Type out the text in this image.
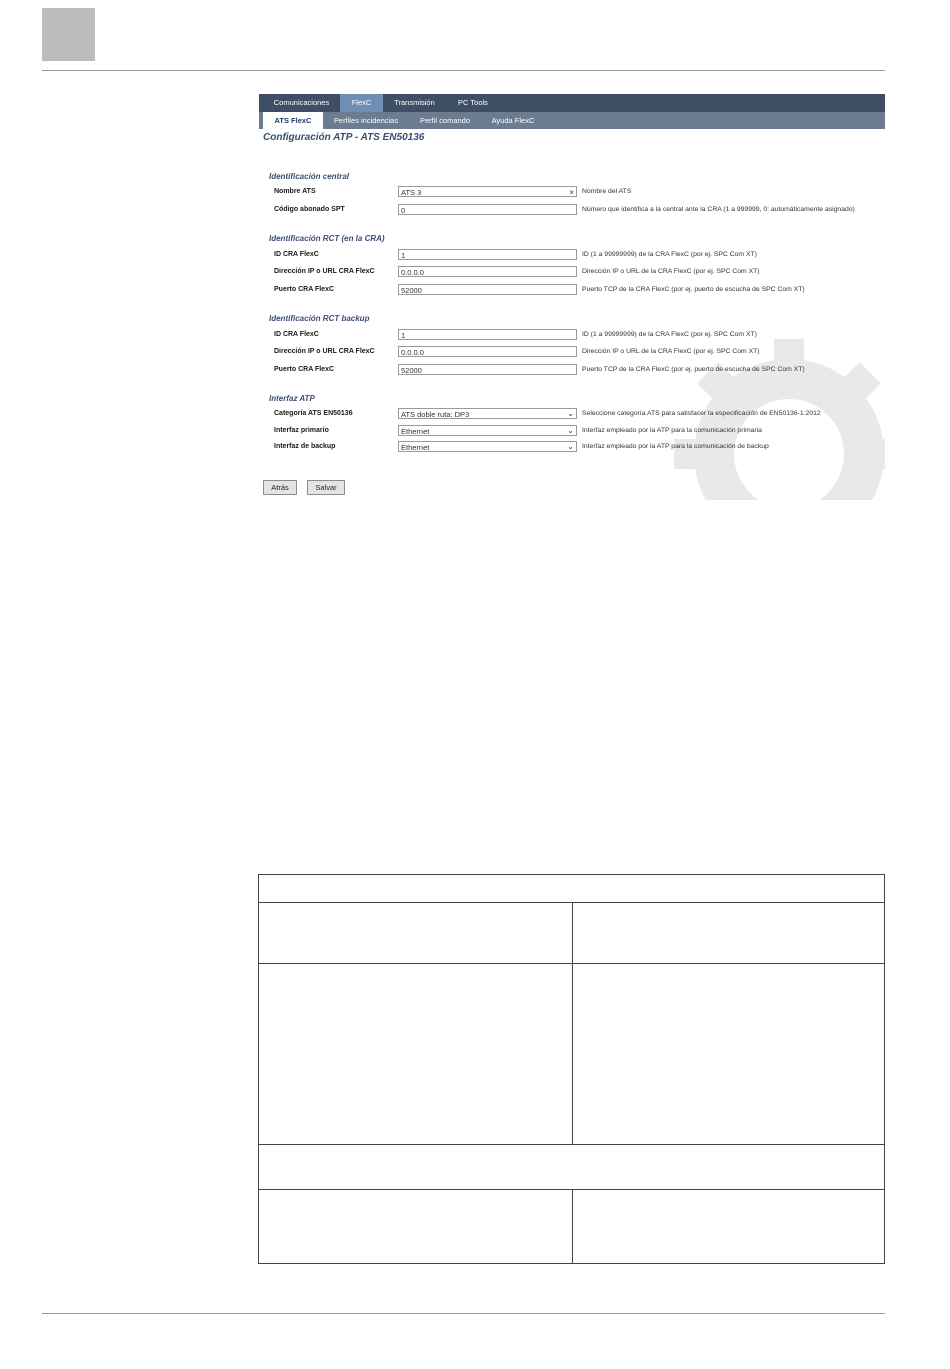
Comunicaciones	FlexC	Transmisión	PC Tools
ATS FlexC	Perfiles incidencias	Perfil comando	Ayuda FlexC
Configuración ATP - ATS EN50136
Identificación central
Nombre ATS	ATS 3	× Nombre del ATS
Código abonado SPT	0	Número que identifica a la central ante la CRA (1 a 999999, 0: automáticamente asignado)
Identificación RCT (en la CRA)
ID CRA FlexC	1	ID (1 a 99999999) de la CRA FlexC (por ej. SPC Com XT)
Dirección IP o URL CRA FlexC	0.0.0.0	Dirección IP o URL de la CRA FlexC (por ej. SPC Com XT)
Puerto CRA FlexC	52000	Puerto TCP de la CRA FlexC (por ej. puerto de escucha de SPC Com XT)
Identificación RCT backup
ID CRA FlexC	1	ID (1 a 99999999) de la CRA FlexC (por ej. SPC Com XT)
Dirección IP o URL CRA FlexC	0.0.0.0	Dirección IP o URL de la CRA FlexC (por ej. SPC Com XT)
Puerto CRA FlexC	52000	Puerto TCP de la CRA FlexC (por ej. puerto de escucha de SPC Com XT)
Interfaz ATP
Categoría ATS EN50136	ATS doble ruta: DP3	⌄ Seleccione categoría ATS para satisfacer la especificación de EN50136-1:2012
Interfaz primario	Ethernet	⌄ Interfaz empleado por la ATP para la comunicación primaria
Interfaz de backup	Ethernet	⌄ Interfaz empleado por la ATP para la comunicación de backup
Atrás	Salvar
